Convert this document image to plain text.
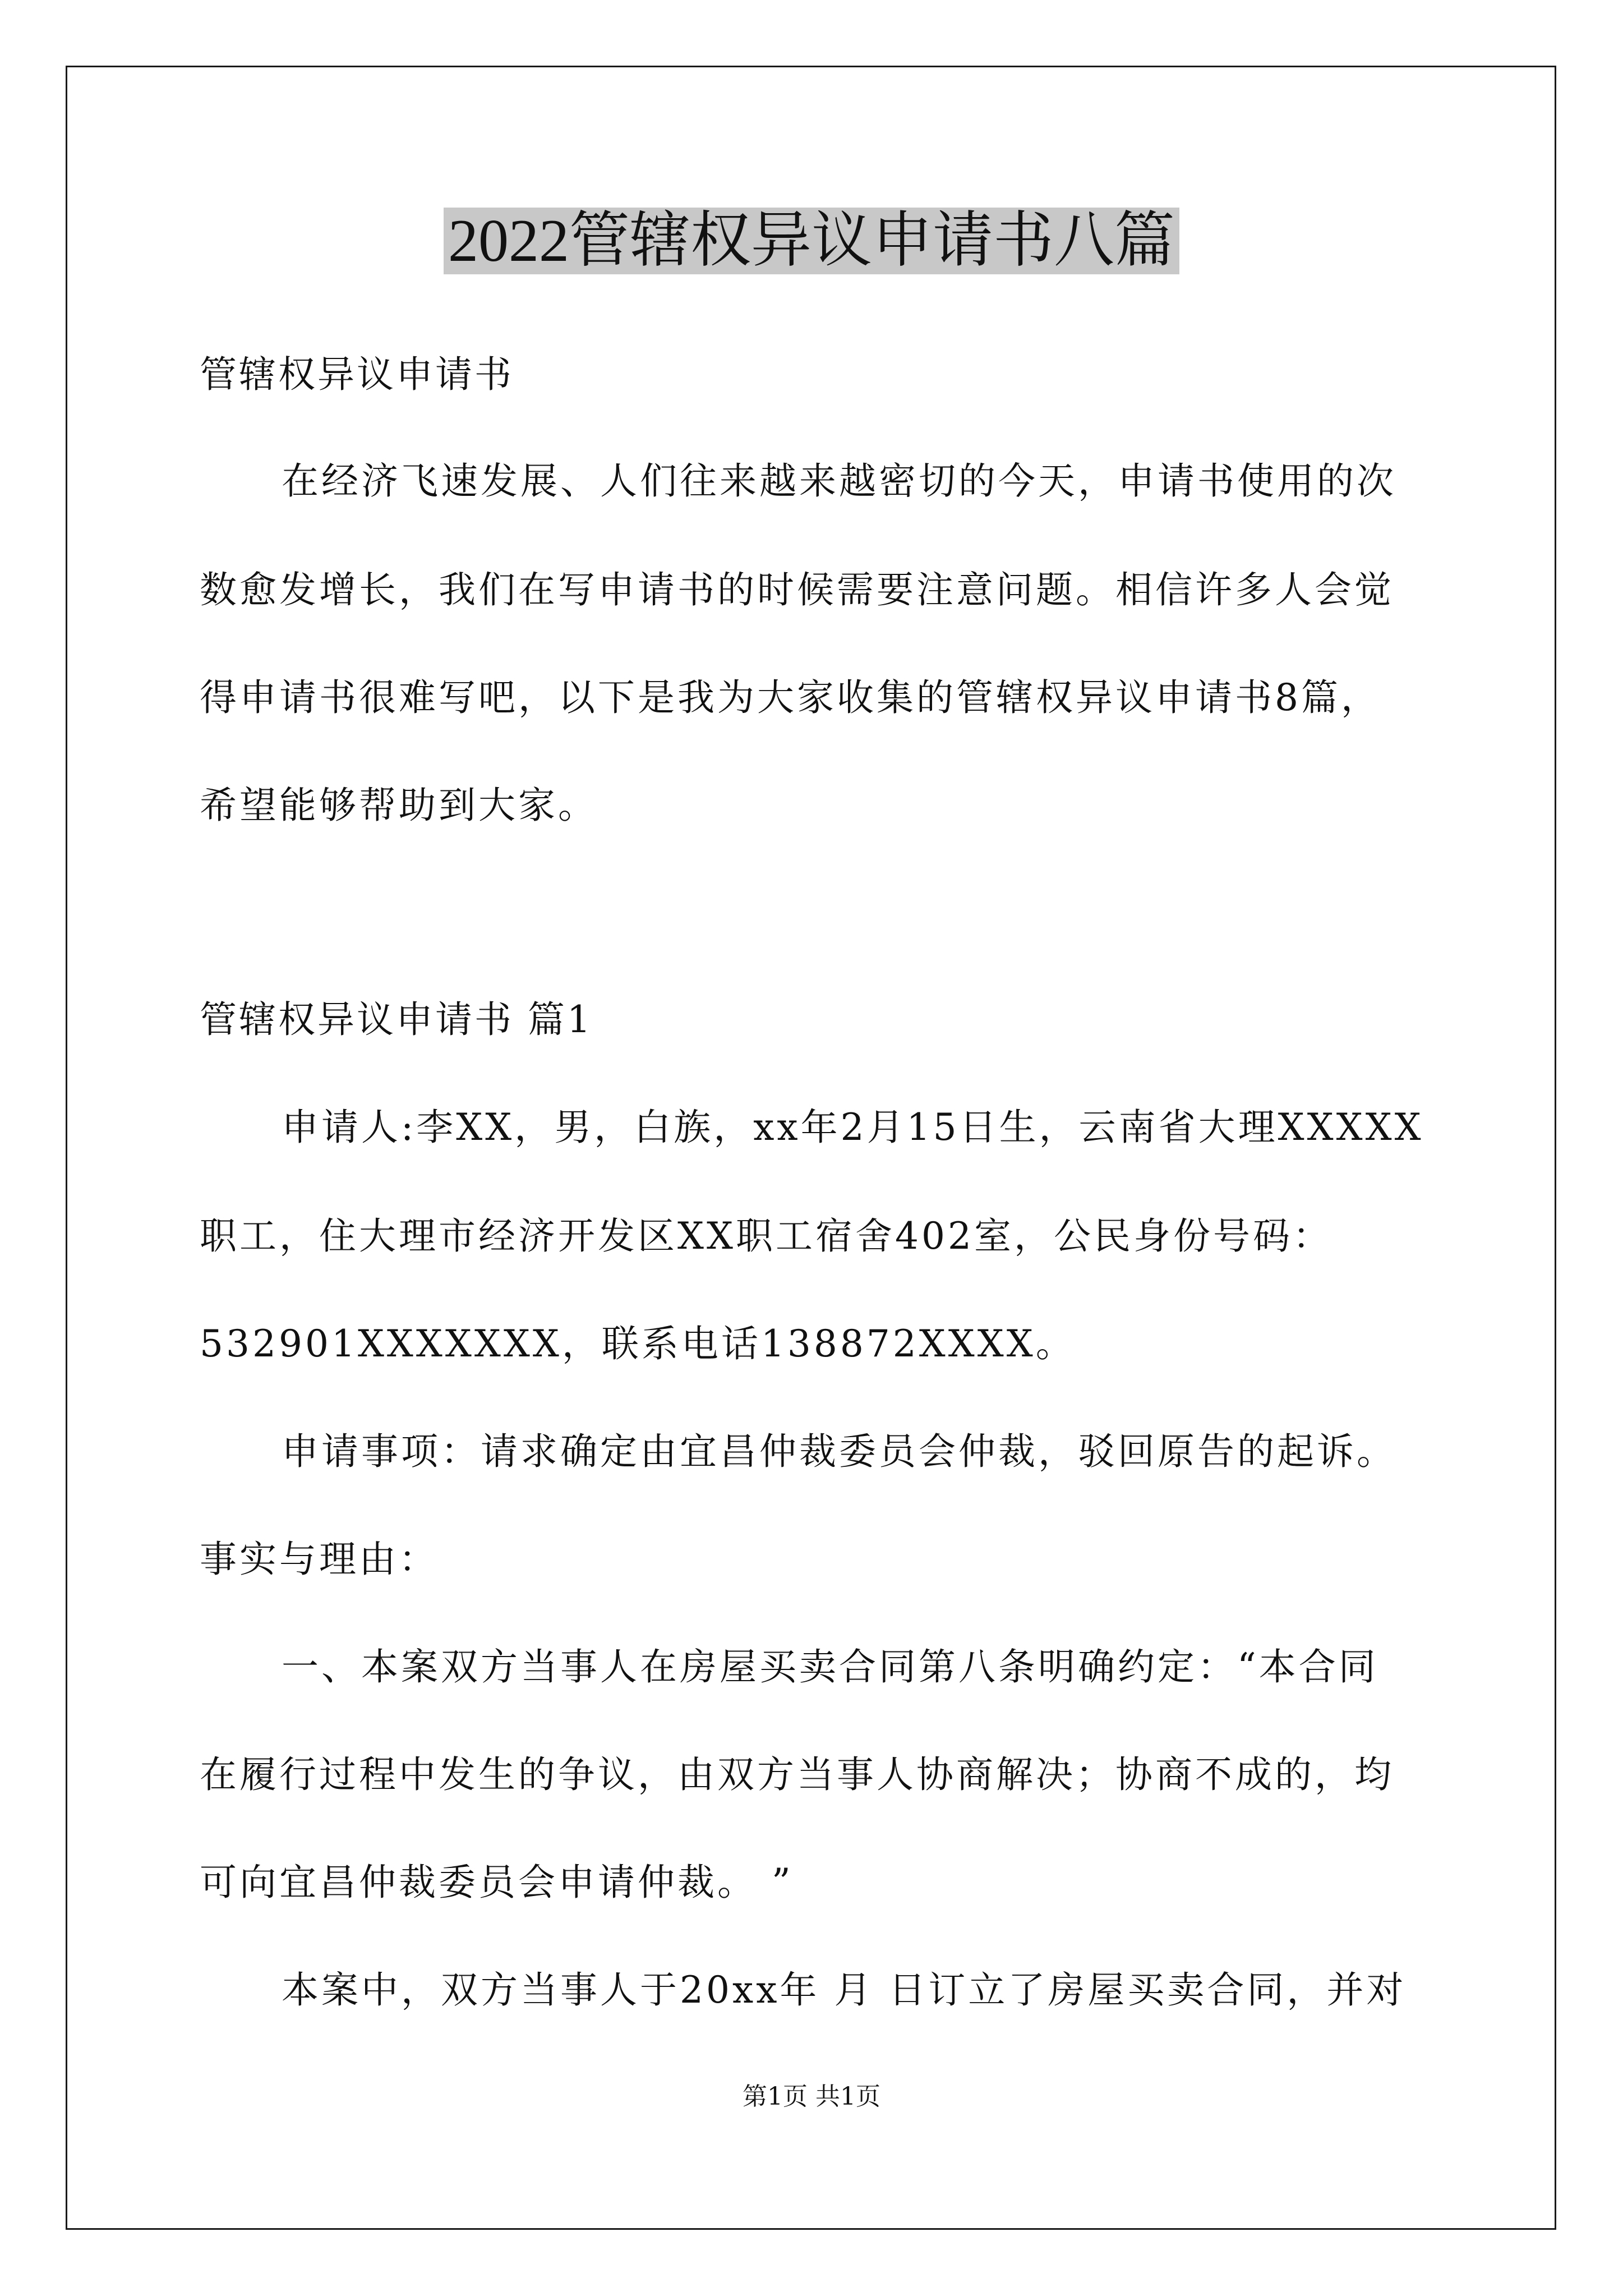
2022管辖权异议申请书八篇
管辖权异议申请书
在经济飞速发展、人们往来越来越密切的今天，申请书使用的次
数愈发增长，我们在写申请书的时候需要注意问题。相信许多人会觉
得申请书很难写吧，以下是我为大家收集的管辖权异议申请书8篇，
希望能够帮助到大家。
管辖权异议申请书 篇1
申请人:李XX，男，白族，xx年2月15日生，云南省大理XXXXX
职工，住大理市经济开发区XX职工宿舍402室，公民身份号码：
532901XXXXXXX，联系电话138872XXXX。
申请事项：请求确定由宜昌仲裁委员会仲裁，驳回原告的起诉。
事实与理由：
一、本案双方当事人在房屋买卖合同第八条明确约定：“本合同
在履行过程中发生的争议，由双方当事人协商解决；协商不成的，均
可向宜昌仲裁委员会申请仲裁。 ”
本案中，双方当事人于20xx年 月 日订立了房屋买卖合同，并对
第1页 共1页
